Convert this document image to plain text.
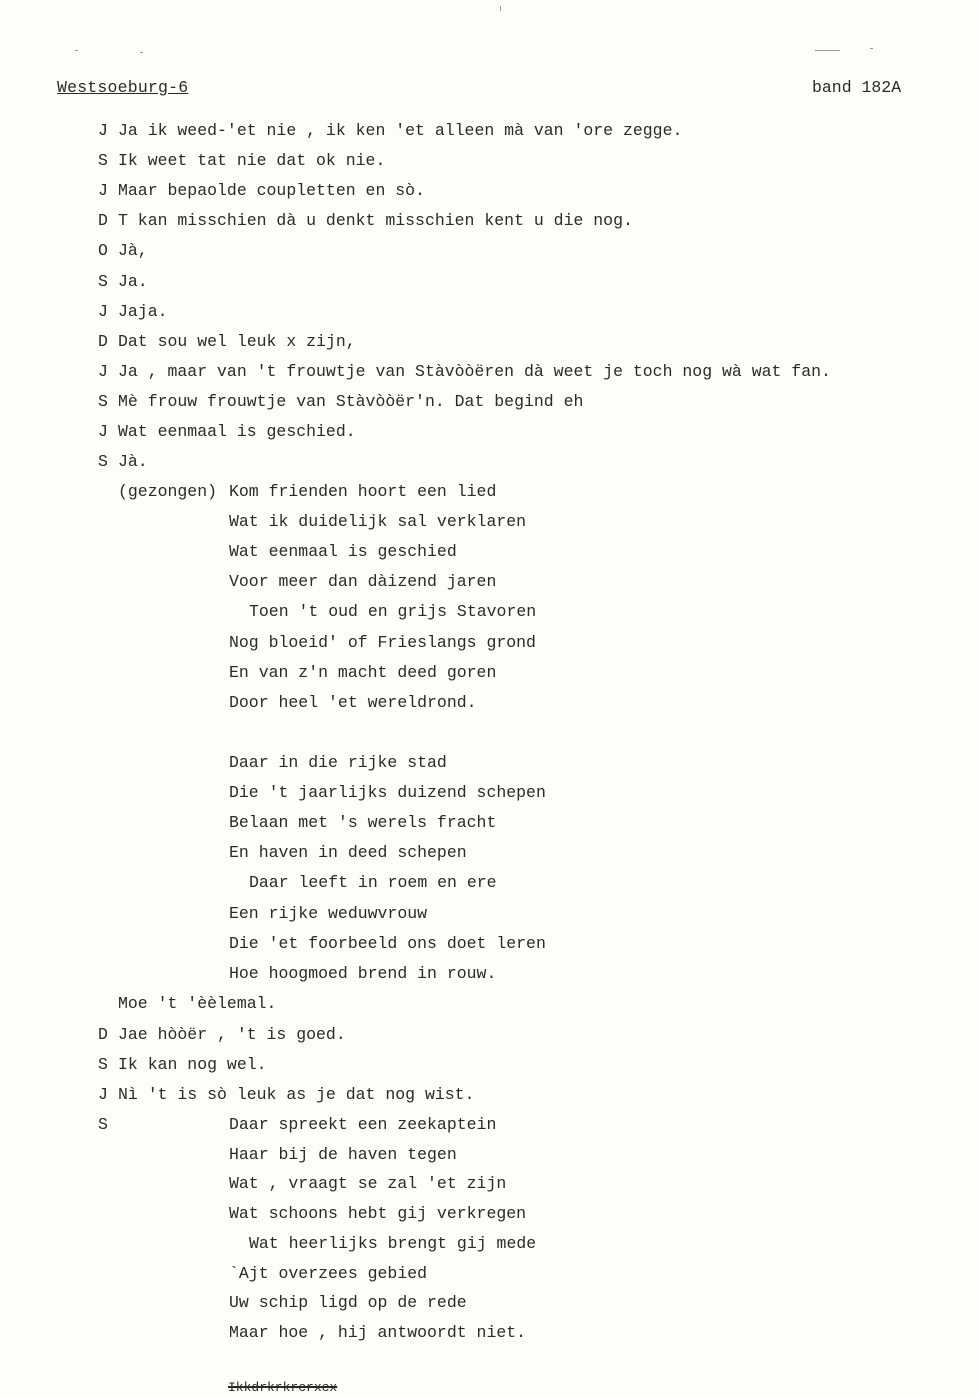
Westsoeburg-6	band 182A
J Ja ik weed-'et nie , ik ken 'et alleen mà van 'ore zegge.
S Ik weet tat nie dat ok nie.
J Maar bepaolde coupletten en sò.
D T kan misschien dà u denkt misschien kent u die nog.
O Jà,
S Ja.
J Jaja.
D Dat sou wel leuk x zijn,
J Ja , maar van 't frouwtje van Stàvòòëren dà weet je toch nog wà wat fan.
S Mè frouw frouwtje van Stàvòòër'n. Dat begind eh
J Wat eenmaal is geschied.
S Jà.
(gezongen) Kom frienden hoort een lied
Wat ik duidelijk sal verklaren
Wat eenmaal is geschied
Voor meer dan dàizend jaren
Toen 't oud en grijs Stavoren
Nog bloeid' of Frieslangs grond
En van z'n macht deed goren
Door heel 'et wereldrond.
Daar in die rijke stad
Die 't jaarlijks duizend schepen
Belaan met 's werels fracht
En haven in deed schepen
Daar leeft in roem en ere
Een rijke weduwvrouw
Die 'et foorbeeld ons doet leren
Hoe hoogmoed brend in rouw.
Moe 't 'èèlemal.
D Jae hòòër , 't is goed.
S Ik kan nog wel.
J Nì 't is sò leuk as je dat nog wist.
S	Daar spreekt een zeekaptein
Haar bij de haven tegen
Wat , vraagt se zal 'et zijn
Wat schoons hebt gij verkregen
Wat heerlijks brengt gij mede
`Ajt overzees gebied
Uw schip ligd op de rede
Maar hoe , hij antwoordt niet.
Ikkdrkrkrcrxcx
